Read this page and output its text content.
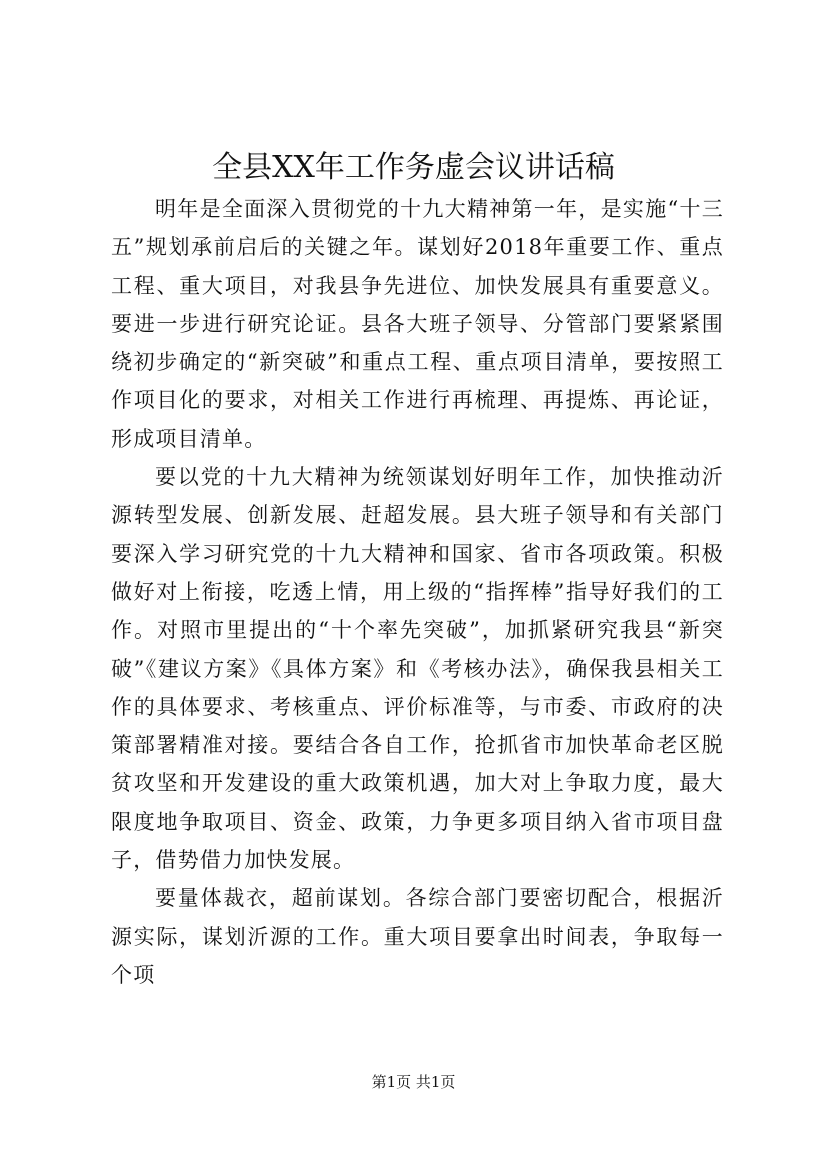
全县XX年工作务虚会议讲话稿

明年是全面深入贯彻党的十九大精神第一年，是实施“十三五”规划承前启后的关键之年。谋划好2018年重要工作、重点工程、重大项目，对我县争先进位、加快发展具有重要意义。要进一步进行研究论证。县各大班子领导、分管部门要紧紧围绕初步确定的“新突破”和重点工程、重点项目清单，要按照工作项目化的要求，对相关工作进行再梳理、再提炼、再论证，形成项目清单。

要以党的十九大精神为统领谋划好明年工作，加快推动沂源转型发展、创新发展、赶超发展。县大班子领导和有关部门要深入学习研究党的十九大精神和国家、省市各项政策。积极做好对上衔接，吃透上情，用上级的“指挥棒”指导好我们的工作。对照市里提出的“十个率先突破”，加抓紧研究我县“新突破”《建议方案》《具体方案》和《考核办法》，确保我县相关工作的具体要求、考核重点、评价标准等，与市委、市政府的决策部署精准对接。要结合各自工作，抢抓省市加快革命老区脱贫攻坚和开发建设的重大政策机遇，加大对上争取力度，最大限度地争取项目、资金、政策，力争更多项目纳入省市项目盘子，借势借力加快发展。

要量体裁衣，超前谋划。各综合部门要密切配合，根据沂源实际，谋划沂源的工作。重大项目要拿出时间表，争取每一个项

第1页 共1页
